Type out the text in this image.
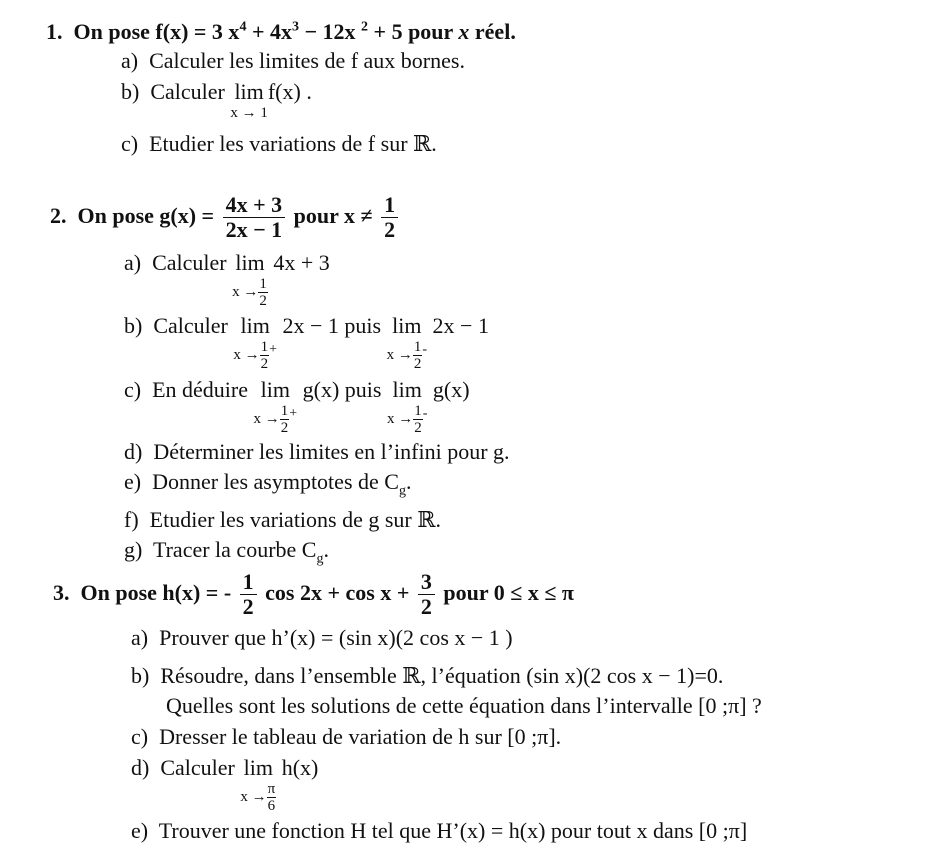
1. On pose f(x) = 3 $x^4 + 4x^3 - 12x$ $^2$ + 5 pour x réel.
a) Calculer les limites de f aux bornes.
b) Calculer lim
x → 1
f(x) .
c) Etudier les variations de f sur ℝ.
2. On pose $g(x) = \frac{4x + 3}{2x - 1}$ pour $x \ne \frac{1}{2}$
a) Calculer lim
$x \to \frac{1}{2}$
4x + 3
b) Calculer lim
$x \to \frac{1}{2} ^+$
2x − 1 puis lim
$x \to \frac{1}{2} ^-$
2x − 1
c) En déduire lim
$x \to \frac{1}{2} ^+$
g(x) puis lim
$x \to \frac{1}{2} ^-$
g(x)
d) Déterminer les limites en l’infini pour g.
e) Donner les asymptotes de $C_g$.
f) Etudier les variations de g sur ℝ.
g) Tracer la courbe $C_g$.
3. On pose h(x) = - $\frac{1}{2}$ $\cos 2x + \cos x + \frac{3}{2}$ pour 0 ≤ x ≤ π
a) Prouver que h’(x) = (sin x)(2 cos x − 1 )
b) Résoudre, dans l’ensemble ℝ, l’équation (sin x)(2 cos x − 1)=0.
Quelles sont les solutions de cette équation dans l’intervalle [0 ;π] ?
c) Dresser le tableau de variation de h sur [0 ;π].
d) Calculer lim
$x \to \frac{\pi}{6}$
h(x)
e) Trouver une fonction H tel que H’(x) = h(x) pour tout x dans [0 ;π]
